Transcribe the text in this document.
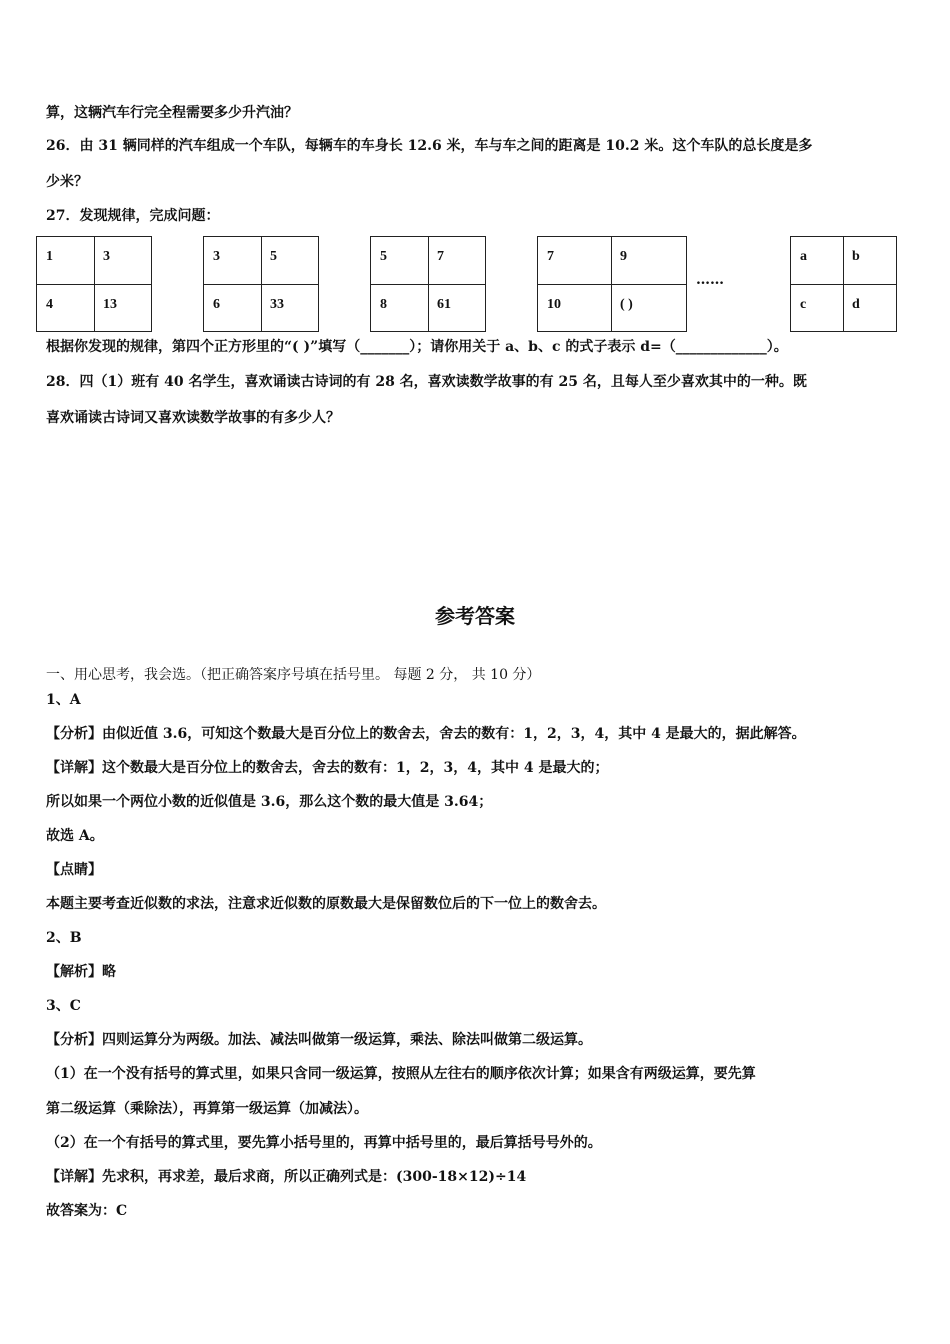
算，这辆汽车行完全程需要多少升汽油？
26．由 31 辆同样的汽车组成一个车队，每辆车的车身长 12.6 米，车与车之间的距离是 10.2 米。这个车队的总长度是多
少米？
27．发现规律，完成问题：
1	3
4	13
3	5
6	33
5	7
8	61
7	9
10	( )
……
a	b
c	d
根据你发现的规律，第四个正方形里的“( )”填写（_______）；请你用关于 a、b、c 的式子表示 d=（_____________）。
28．四（1）班有 40 名学生，喜欢诵读古诗词的有 28 名，喜欢读数学故事的有 25 名，且每人至少喜欢其中的一种。既
喜欢诵读古诗词又喜欢读数学故事的有多少人？
参考答案
一、用心思考，我会选。（把正确答案序号填在括号里。 每题 2 分， 共 10 分）
1、A
【分析】由似近值 3.6，可知这个数最大是百分位上的数舍去，舍去的数有：1，2，3，4，其中 4 是最大的，据此解答。
【详解】这个数最大是百分位上的数舍去，舍去的数有：1，2，3，4，其中 4 是最大的；
所以如果一个两位小数的近似值是 3.6，那么这个数的最大值是 3.64；
故选 A。
【点睛】
本题主要考查近似数的求法，注意求近似数的原数最大是保留数位后的下一位上的数舍去。
2、B
【解析】略
3、C
【分析】四则运算分为两级。加法、减法叫做第一级运算，乘法、除法叫做第二级运算。
（1）在一个没有括号的算式里，如果只含同一级运算，按照从左往右的顺序依次计算；如果含有两级运算，要先算
第二级运算（乘除法），再算第一级运算（加减法）。
（2）在一个有括号的算式里，要先算小括号里的，再算中括号里的，最后算括号号外的。
【详解】先求积，再求差，最后求商，所以正确列式是：(300-18×12)÷14
故答案为：C
